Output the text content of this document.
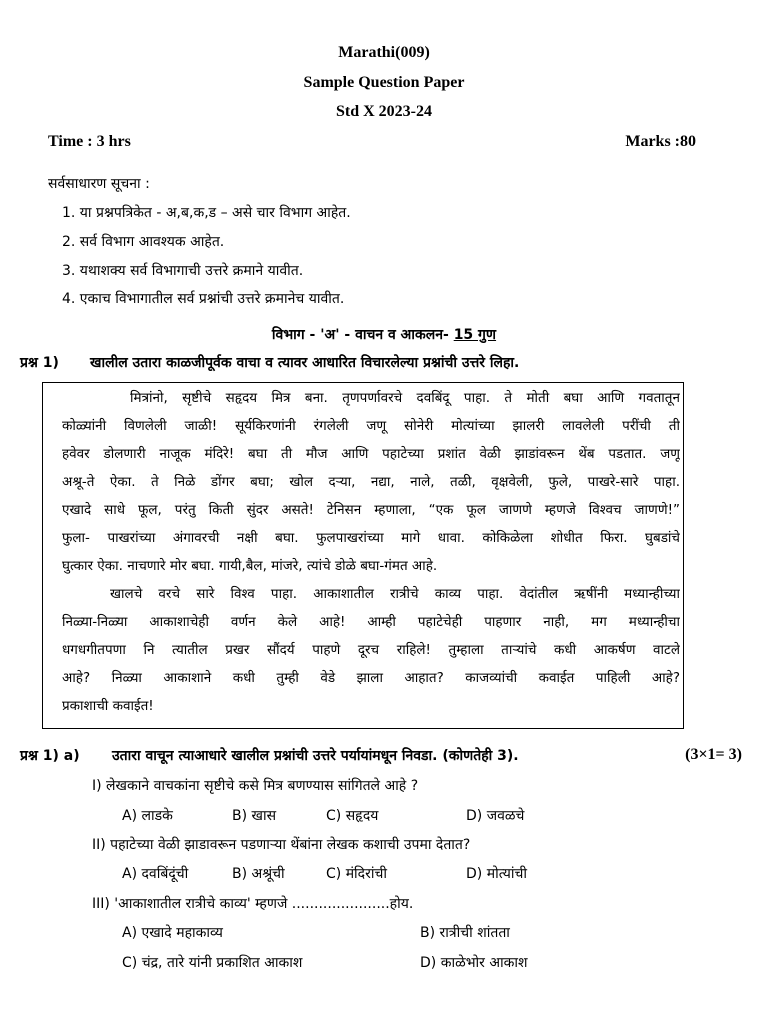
Marathi(009)
Sample Question Paper
Std X 2023-24
Time : 3 hrs	Marks :80
सर्वसाधारण सूचना :
1. या प्रश्नपत्रिकेत - अ,ब,क,ड – असे चार विभाग आहेत.
2. सर्व विभाग आवश्यक आहेत.
3. यथाशक्य सर्व विभागाची उत्तरे क्रमाने यावीत.
4. एकाच विभागातील सर्व प्रश्नांची उत्तरे क्रमानेच यावीत.
विभाग - 'अ' - वाचन व आकलन- 15 गुण
प्रश्न 1) खालील उतारा काळजीपूर्वक वाचा व त्यावर आधारित विचारलेल्या प्रश्नांची उत्तरे लिहा.
मित्रांनो, सृष्टीचे सहृदय मित्र बना. तृणपर्णावरचे दवबिंदू पाहा. ते मोती बघा आणि गवतातून
कोळ्यांनी विणलेली जाळी! सूर्यकिरणांनी रंगलेली जणू सोनेरी मोत्यांच्या झालरी लावलेली परींची ती
हवेवर डोलणारी नाजूक मंदिरे! बघा ती मौज आणि पहाटेच्या प्रशांत वेळी झाडांवरून थेंब पडतात. जणू
अश्रू-ते ऐका. ते निळे डोंगर बघा; खोल दऱ्या, नद्या, नाले, तळी, वृक्षवेली, फुले, पाखरे-सारे पाहा.
एखादे साधे फूल, परंतु किती सुंदर असते! टेनिसन म्हणाला, “एक फूल जाणणे म्हणजे विश्वच जाणणे!”
फुला- पाखरांच्या अंगावरची नक्षी बघा. फुलपाखरांच्या मागे धावा. कोकिळेला शोधीत फिरा. घुबडांचे
घुत्कार ऐका. नाचणारे मोर बघा. गायी,बैल, मांजरे, त्यांचे डोळे बघा-गंमत आहे.
खालचे वरचे सारे विश्व पाहा. आकाशातील रात्रीचे काव्य पाहा. वेदांतील ऋषींनी मध्यान्हीच्या
निळ्या-निळ्या आकाशाचेही वर्णन केले आहे! आम्ही पहाटेचेही पाहणार नाही, मग मध्यान्हीचा
धगधगीतपणा नि त्यातील प्रखर सौंदर्य पाहणे दूरच राहिले! तुम्हाला ताऱ्यांचे कधी आकर्षण वाटले
आहे? निळ्या आकाशाने कधी तुम्ही वेडे झाला आहात? काजव्यांची कवाईत पाहिली आहे?
प्रकाशाची कवाईत!
प्रश्न 1) a) उतारा वाचून त्याआधारे खालील प्रश्नांची उत्तरे पर्यायांमधून निवडा. (कोणतेही 3).	(3×1= 3)
I) लेखकाने वाचकांना सृष्टीचे कसे मित्र बणण्यास सांगितले आहे ?
A) लाडके	B) खास	C) सहृदय	D) जवळचे
II) पहाटेच्या वेळी झाडावरून पडणाऱ्या थेंबांना लेखक कशाची उपमा देतात?
A) दवबिंदूंची	B) अश्रूंची	C) मंदिरांची	D) मोत्यांची
III) 'आकाशातील रात्रीचे काव्य' म्हणजे ......................होय.
A) एखादे महाकाव्य	B) रात्रीची शांतता
C) चंद्र, तारे यांनी प्रकाशित आकाश	D) काळेभोर आकाश
